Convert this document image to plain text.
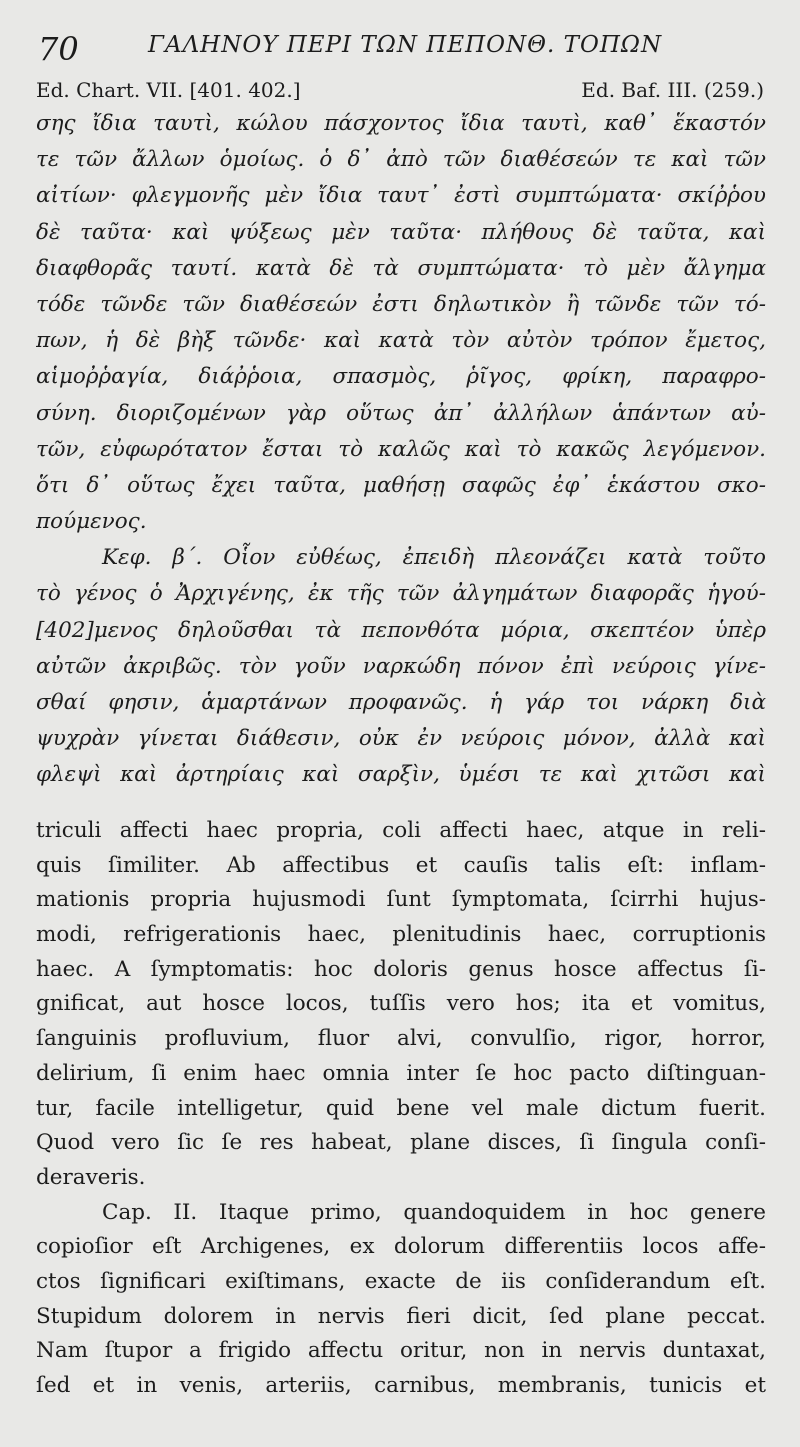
70	ΓΑΛΗΝΟΥ ΠΕΡΙ ΤΩΝ ΠΕΠΟΝΘ. ΤΟΠΩΝ
Ed. Chart. VII. [401. 402.]	Ed. Baf. III. (259.)
σης ἴδια ταυτὶ, κώλου πάσχοντος ἴδια ταυτὶ, καθ᾽ ἕκαστόν
τε τῶν ἄλλων ὁμοίως. ὁ δ᾽ ἀπὸ τῶν διαθέσεών τε καὶ τῶν
αἰτίων· φλεγμονῆς μὲν ἴδια ταυτ᾽ ἐστὶ συμπτώματα· σκίῤῥου
δὲ ταῦτα· καὶ ψύξεως μὲν ταῦτα· πλήθους δὲ ταῦτα, καὶ
διαφθορᾶς ταυτί. κατὰ δὲ τὰ συμπτώματα· τὸ μὲν ἄλγημα
τόδε τῶνδε τῶν διαθέσεών ἐστι δηλωτικὸν ἢ τῶνδε τῶν τό-
πων, ἡ δὲ βὴξ τῶνδε· καὶ κατὰ τὸν αὐτὸν τρόπον ἔμετος,
αἱμοῤῥαγία, διάῤῥοια, σπασμὸς, ῥῖγος, φρίκη, παραφρο-
σύνη. διοριζομένων γὰρ οὕτως ἀπ᾽ ἀλλήλων ἁπάντων αὐ-
τῶν, εὐφωρότατον ἔσται τὸ καλῶς καὶ τὸ κακῶς λεγόμενον.
ὅτι δ᾽ οὕτως ἔχει ταῦτα, μαθήσῃ σαφῶς ἐφ᾽ ἑκάστου σκο-
πούμενος.
Κεφ. β΄. Οἷον εὐθέως, ἐπειδὴ πλεονάζει κατὰ τοῦτο
τὸ γένος ὁ Ἀρχιγένης, ἐκ τῆς τῶν ἀλγημάτων διαφορᾶς ἡγού-
[402]μενος δηλοῦσθαι τὰ πεπονθότα μόρια, σκεπτέον ὑπὲρ
αὐτῶν ἀκριβῶς. τὸν γοῦν ναρκώδη πόνον ἐπὶ νεύροις γίνε-
σθαί φησιν, ἁμαρτάνων προφανῶς. ἡ γάρ τοι νάρκη διὰ
ψυχρὰν γίνεται διάθεσιν, οὐκ ἐν νεύροις μόνον, ἀλλὰ καὶ
φλεψὶ καὶ ἀρτηρίαις καὶ σαρξὶν, ὑμέσι τε καὶ χιτῶσι καὶ
triculi affecti haec propria, coli affecti haec, atque in reli-
quis ſimiliter. Ab affectibus et cauſis talis eſt: inflam-
mationis propria hujusmodi ſunt ſymptomata, ſcirrhi hujus-
modi, refrigerationis haec, plenitudinis haec, corruptionis
haec. A ſymptomatis: hoc doloris genus hosce affectus ſi-
gnificat, aut hosce locos, tuſſis vero hos; ita et vomitus,
ſanguinis profluvium, fluor alvi, convulſio, rigor, horror,
delirium, ſi enim haec omnia inter ſe hoc pacto diſtinguan-
tur, facile intelligetur, quid bene vel male dictum fuerit.
Quod vero ſic ſe res habeat, plane disces, ſi ſingula conſi-
deraveris.
Cap. II. Itaque primo, quandoquidem in hoc genere
copioſior eſt Archigenes, ex dolorum differentiis locos affe-
ctos ſignificari exiſtimans, exacte de iis conſiderandum eſt.
Stupidum dolorem in nervis fieri dicit, ſed plane peccat.
Nam ſtupor a frigido affectu oritur, non in nervis duntaxat,
ſed et in venis, arteriis, carnibus, membranis, tunicis et
